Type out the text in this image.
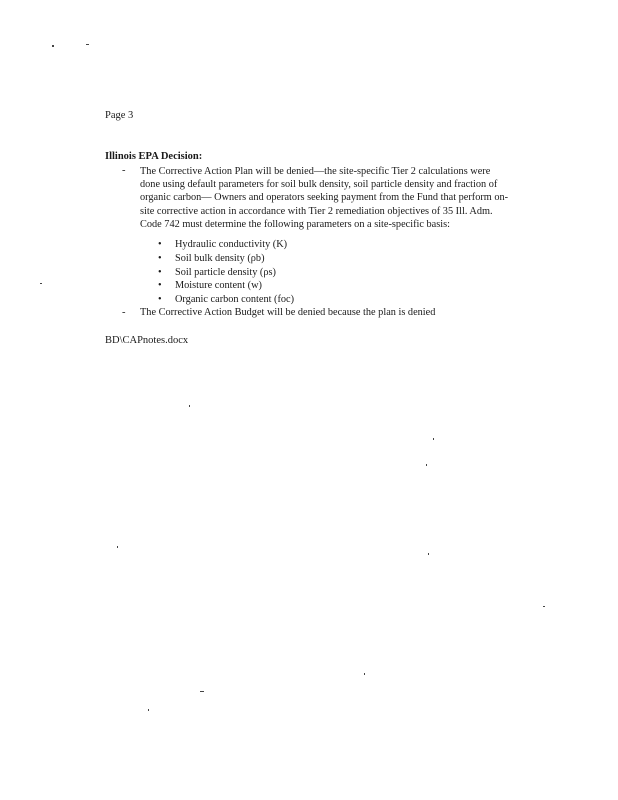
Page 3
Illinois EPA Decision:
- The Corrective Action Plan will be denied—the site-specific Tier 2 calculations were
done using default parameters for soil bulk density, soil particle density and fraction of
organic carbon— Owners and operators seeking payment from the Fund that perform on-
site corrective action in accordance with Tier 2 remediation objectives of 35 Ill. Adm.
Code 742 must determine the following parameters on a site-specific basis:
• Hydraulic conductivity (K)
• Soil bulk density (ρb)
• Soil particle density (ρs)
• Moisture content (w)
• Organic carbon content (foc)
- The Corrective Action Budget will be denied because the plan is denied
BD\CAPnotes.docx
